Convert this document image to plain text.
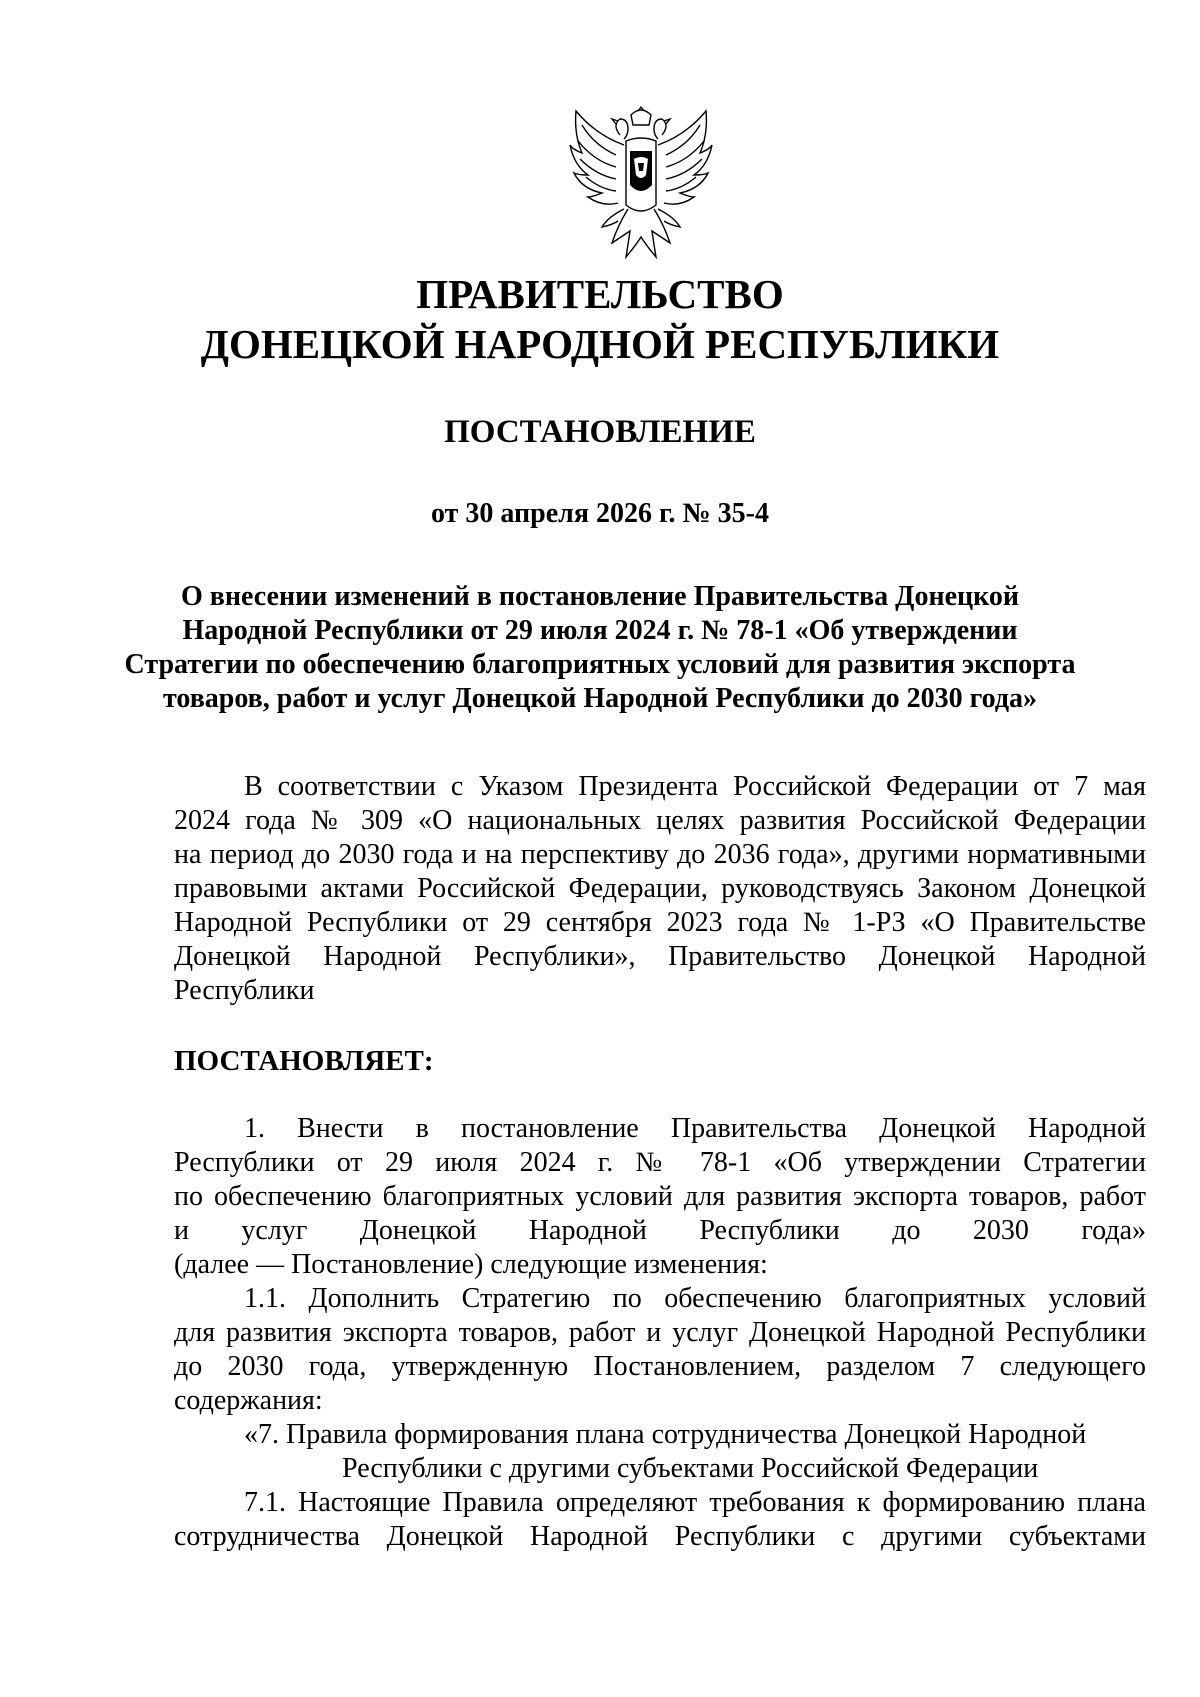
ПРАВИТЕЛЬСТВО
ДОНЕЦКОЙ НАРОДНОЙ РЕСПУБЛИКИ
ПОСТАНОВЛЕНИЕ
от 30 апреля 2026 г. № 35-4
О внесении изменений в постановление Правительства Донецкой
Народной Республики от 29 июля 2024 г. № 78-1 «Об утверждении
Стратегии по обеспечению благоприятных условий для развития экспорта
товаров, работ и услуг Донецкой Народной Республики до 2030 года»
В соответствии с Указом Президента Российской Федерации от 7 мая
2024 года № 309 «О национальных целях развития Российской Федерации
на период до 2030 года и на перспективу до 2036 года», другими нормативными
правовыми актами Российской Федерации, руководствуясь Законом Донецкой
Народной Республики от 29 сентября 2023 года № 1-РЗ «О Правительстве
Донецкой Народной Республики», Правительство Донецкой Народной
Республики
ПОСТАНОВЛЯЕТ:
1. Внести в постановление Правительства Донецкой Народной
Республики от 29 июля 2024 г. № 78-1 «Об утверждении Стратегии
по обеспечению благоприятных условий для развития экспорта товаров, работ
и услуг Донецкой Народной Республики до 2030 года»
(далее — Постановление) следующие изменения:
1.1. Дополнить Стратегию по обеспечению благоприятных условий
для развития экспорта товаров, работ и услуг Донецкой Народной Республики
до 2030 года, утвержденную Постановлением, разделом 7 следующего
содержания:
«7. Правила формирования плана сотрудничества Донецкой Народной
Республики с другими субъектами Российской Федерации
7.1. Настоящие Правила определяют требования к формированию плана
сотрудничества Донецкой Народной Республики с другими субъектами
